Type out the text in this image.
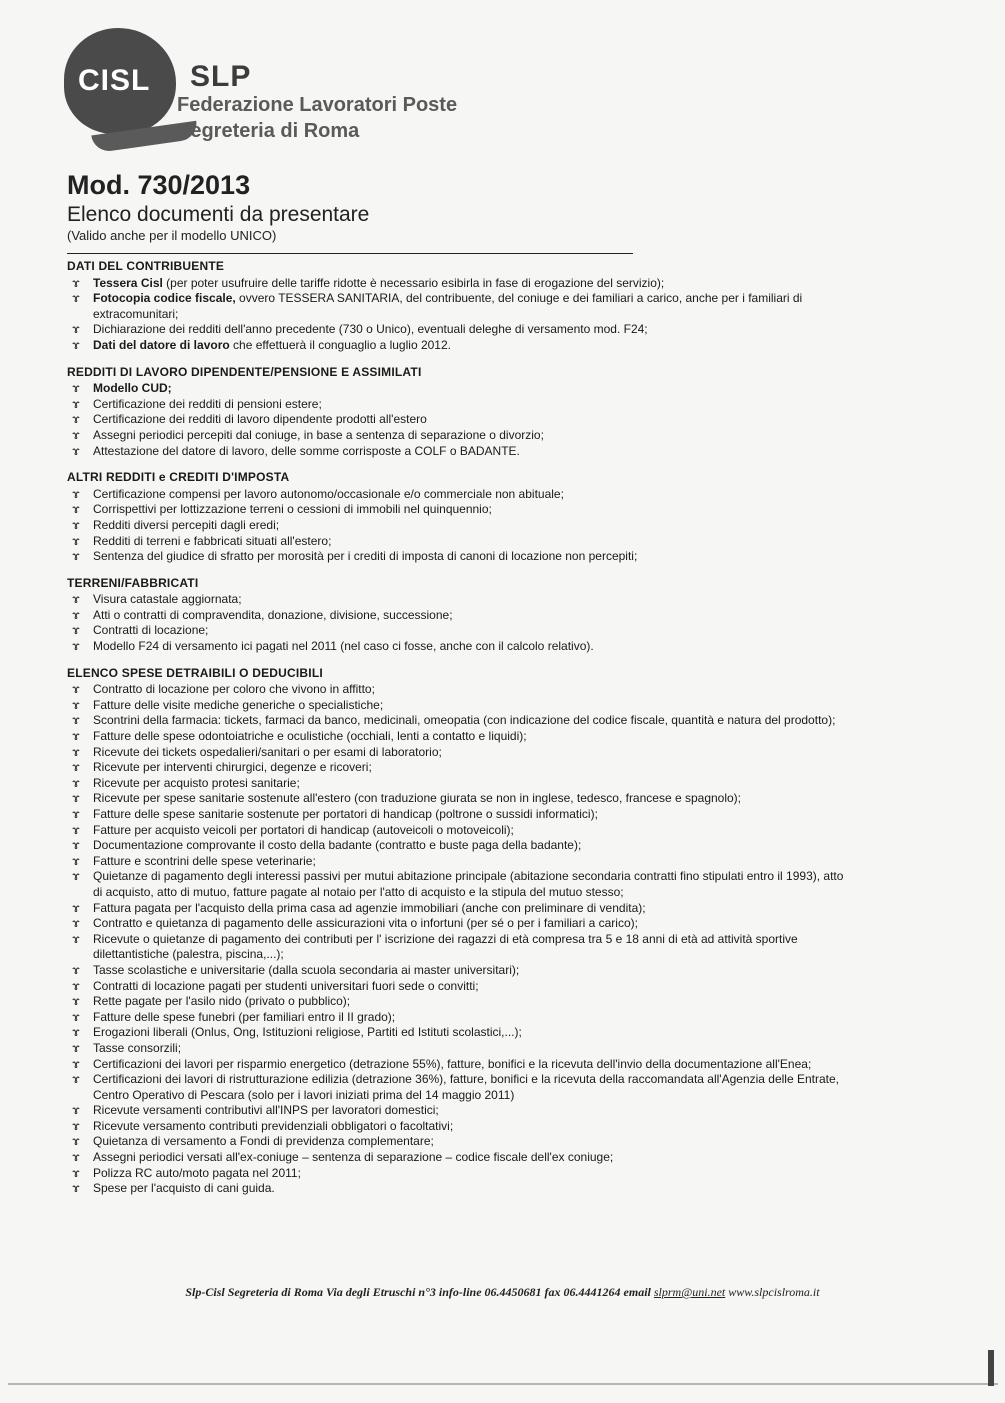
CISL SLP
Federazione Lavoratori Poste
Segreteria di Roma
Mod. 730/2013
Elenco documenti da presentare
(Valido anche per il modello UNICO)
DATI DEL CONTRIBUENTE
ɤ Tessera Cisl (per poter usufruire delle tariffe ridotte è necessario esibirla in fase di erogazione del servizio);
ɤ Fotocopia codice fiscale, ovvero TESSERA SANITARIA, del contribuente, del coniuge e dei familiari a carico, anche per i familiari di extracomunitari;
ɤ Dichiarazione dei redditi dell'anno precedente (730 o Unico), eventuali deleghe di versamento mod. F24;
ɤ Dati del datore di lavoro che effettuerà il conguaglio a luglio 2012.
REDDITI DI LAVORO DIPENDENTE/PENSIONE E ASSIMILATI
ɤ Modello CUD;
ɤ Certificazione dei redditi di pensioni estere;
ɤ Certificazione dei redditi di lavoro dipendente prodotti all'estero
ɤ Assegni periodici percepiti dal coniuge, in base a sentenza di separazione o divorzio;
ɤ Attestazione del datore di lavoro, delle somme corrisposte a COLF o BADANTE.
ALTRI REDDITI e CREDITI D'IMPOSTA
ɤ Certificazione compensi per lavoro autonomo/occasionale e/o commerciale non abituale;
ɤ Corrispettivi per lottizzazione terreni o cessioni di immobili nel quinquennio;
ɤ Redditi diversi percepiti dagli eredi;
ɤ Redditi di terreni e fabbricati situati all'estero;
ɤ Sentenza del giudice di sfratto per morosità per i crediti di imposta di canoni di locazione non percepiti;
TERRENI/FABBRICATI
ɤ Visura catastale aggiornata;
ɤ Atti o contratti di compravendita, donazione, divisione, successione;
ɤ Contratti di locazione;
ɤ Modello F24 di versamento ici pagati nel 2011 (nel caso ci fosse, anche con il calcolo relativo).
ELENCO SPESE DETRAIBILI O DEDUCIBILI
ɤ Contratto di locazione per coloro che vivono in affitto;
ɤ Fatture delle visite mediche generiche o specialistiche;
ɤ Scontrini della farmacia: tickets, farmaci da banco, medicinali, omeopatia (con indicazione del codice fiscale, quantità e natura del prodotto);
ɤ Fatture delle spese odontoiatriche e oculistiche (occhiali, lenti a contatto e liquidi);
ɤ Ricevute dei tickets ospedalieri/sanitari o per esami di laboratorio;
ɤ Ricevute per interventi chirurgici, degenze e ricoveri;
ɤ Ricevute per acquisto protesi sanitarie;
ɤ Ricevute per spese sanitarie sostenute all'estero (con traduzione giurata se non in inglese, tedesco, francese e spagnolo);
ɤ Fatture delle spese sanitarie sostenute per portatori di handicap (poltrone o sussidi informatici);
ɤ Fatture per acquisto veicoli per portatori di handicap (autoveicoli o motoveicoli);
ɤ Documentazione comprovante il costo della badante (contratto e buste paga della badante);
ɤ Fatture e scontrini delle spese veterinarie;
ɤ Quietanze di pagamento degli interessi passivi per mutui abitazione principale (abitazione secondaria contratti fino stipulati entro il 1993), atto di acquisto, atto di mutuo, fatture pagate al notaio per l'atto di acquisto e la stipula del mutuo stesso;
ɤ Fattura pagata per l'acquisto della prima casa ad agenzie immobiliari (anche con preliminare di vendita);
ɤ Contratto e quietanza di pagamento delle assicurazioni vita o infortuni (per sé o per i familiari a carico);
ɤ Ricevute o quietanze di pagamento dei contributi per l' iscrizione dei ragazzi di età compresa tra 5 e 18 anni di età ad attività sportive dilettantistiche (palestra, piscina,...);
ɤ Tasse scolastiche e universitarie (dalla scuola secondaria ai master universitari);
ɤ Contratti di locazione pagati per studenti universitari fuori sede o convitti;
ɤ Rette pagate per l'asilo nido (privato o pubblico);
ɤ Fatture delle spese funebri (per familiari entro il II grado);
ɤ Erogazioni liberali (Onlus, Ong, Istituzioni religiose, Partiti ed Istituti scolastici,...);
ɤ Tasse consorzili;
ɤ Certificazioni dei lavori per risparmio energetico (detrazione 55%), fatture, bonifici e la ricevuta dell'invio della documentazione all'Enea;
ɤ Certificazioni dei lavori di ristrutturazione edilizia (detrazione 36%), fatture, bonifici e la ricevuta della raccomandata all'Agenzia delle Entrate, Centro Operativo di Pescara (solo per i lavori iniziati prima del 14 maggio 2011)
ɤ Ricevute versamenti contributivi all'INPS per lavoratori domestici;
ɤ Ricevute versamento contributi previdenziali obbligatori o facoltativi;
ɤ Quietanza di versamento a Fondi di previdenza complementare;
ɤ Assegni periodici versati all'ex-coniuge – sentenza di separazione – codice fiscale dell'ex coniuge;
ɤ Polizza RC auto/moto pagata nel 2011;
ɤ Spese per l'acquisto di cani guida.
Slp-Cisl Segreteria di Roma Via degli Etruschi n°3 info-line 06.4450681 fax 06.4441264 email slprm@uni.net www.slpcislroma.it
